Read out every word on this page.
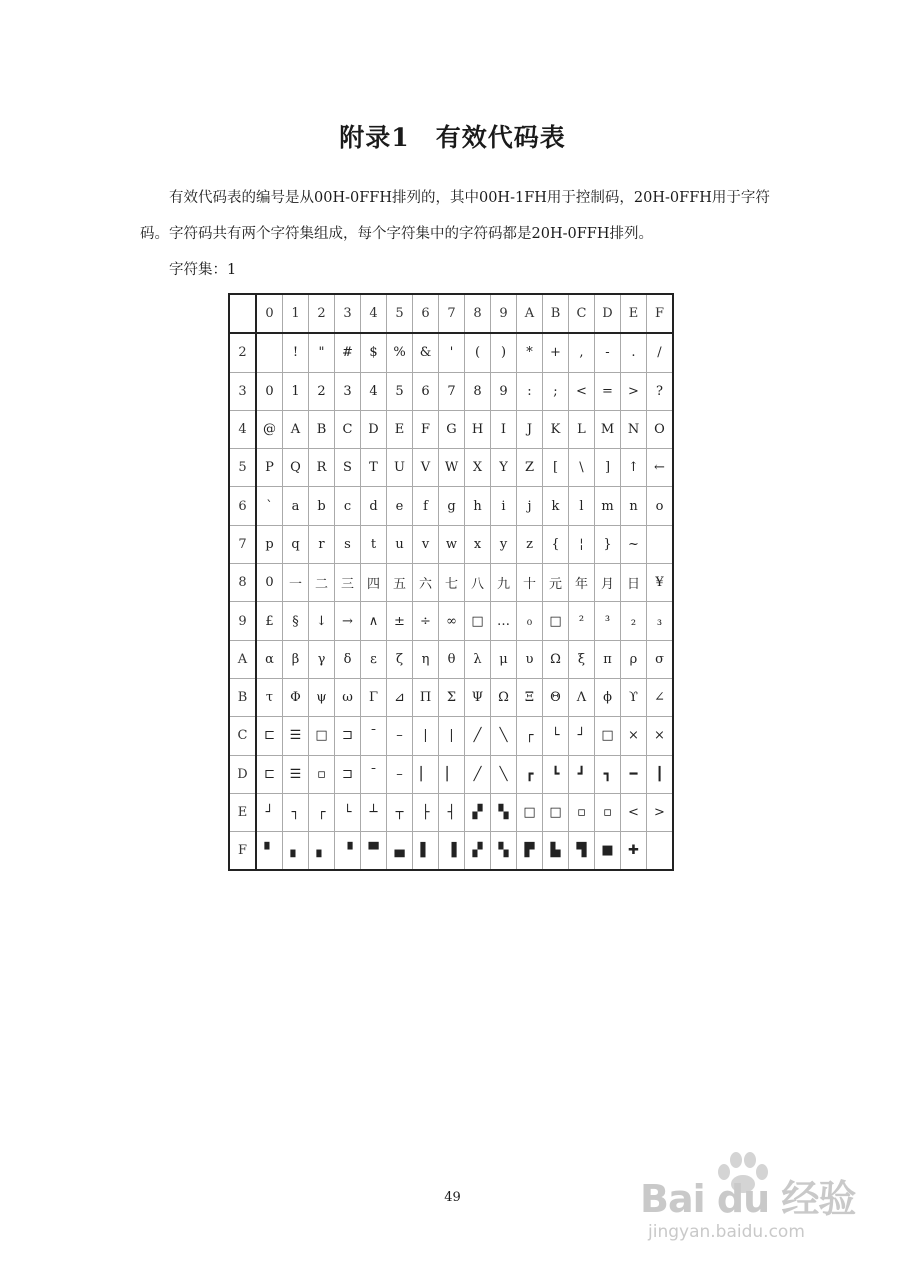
附录1　有效代码表

有效代码表的编号是从00H-0FFH排列的，其中00H-1FH用于控制码，20H-0FFH用于字符码。字符码共有两个字符集组成，每个字符集中的字符码都是20H-0FFH排列。

字符集：1
	0	1	2	3	4	5	6	7	8	9	A	B	C	D	E	F
2		!	"	#	$	%	&	'	(	)	*	+	,	-	.	/
3	0	1	2	3	4	5	6	7	8	9	:	;	<	=	>	?
4	@	A	B	C	D	E	F	G	H	I	J	K	L	M	N	O
5	P	Q	R	S	T	U	V	W	X	Y	Z	[	\	]	↑	←
6	`	a	b	c	d	e	f	g	h	i	j	k	l	m	n	o
7	p	q	r	s	t	u	v	w	x	y	z	{	¦	}	~	
8	0	一	二	三	四	五	六	七	八	九	十	元	年	月	日	¥
9	£	§	↓	→	∧	±	÷	∞	□	…	₀	□	²	³	₂	₃
A	α	β	γ	δ	ε	ζ	η	θ	λ	μ	υ	Ω	ξ	π	ρ	σ
B	τ	Φ	ψ	ω	Γ	⊿	Π	Σ	Ψ	Ω	Ξ	Θ	Λ	ϕ	ϒ	∠
C	⊏	☰	□	⊐	¯	–	|	|	╱	╲	┌	└	┘	□	×	×
D	⊏	☰	▫	⊐	¯	–	▏	▏	╱	╲	┏	┗	┛	┓	━	┃
E	┘	┐	┌	└	┴	┬	├	┤	▞	▚	□	□	▫	▫	<	>
F	▘	▖	▖	▝	▀	▄	▌	▐	▞	▚	▛	▙	▜	■	✚	
49	Bai du 经验
jingyan.baidu.com
